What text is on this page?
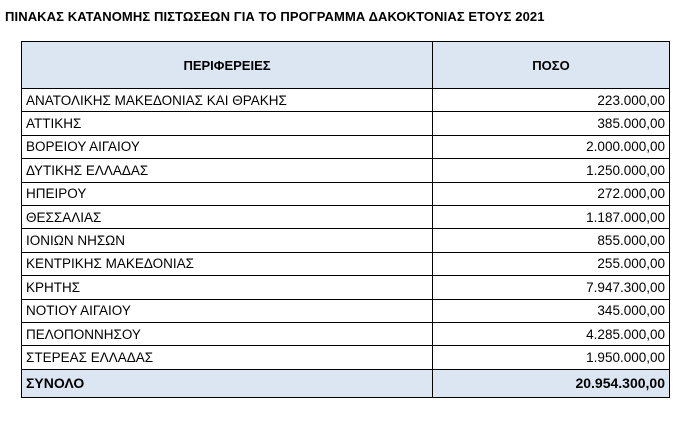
ΠΙΝΑΚΑΣ ΚΑΤΑΝΟΜΗΣ ΠΙΣΤΩΣΕΩΝ ΓΙΑ ΤΟ ΠΡΟΓΡΑΜΜΑ ΔΑΚΟΚΤΟΝΙΑΣ ΕΤΟΥΣ 2021
ΠΕΡΙΦΕΡΕΙΕΣ	ΠΟΣΟ
ΑΝΑΤΟΛΙΚΗΣ ΜΑΚΕΔΟΝΙΑΣ ΚΑΙ ΘΡΑΚΗΣ	223.000,00
ΑΤΤΙΚΗΣ	385.000,00
ΒΟΡΕΙΟΥ ΑΙΓΑΙΟΥ	2.000.000,00
ΔΥΤΙΚΗΣ ΕΛΛΑΔΑΣ	1.250.000,00
ΗΠΕΙΡΟΥ	272.000,00
ΘΕΣΣΑΛΙΑΣ	1.187.000,00
ΙΟΝΙΩΝ ΝΗΣΩΝ	855.000,00
ΚΕΝΤΡΙΚΗΣ ΜΑΚΕΔΟΝΙΑΣ	255.000,00
ΚΡΗΤΗΣ	7.947.300,00
ΝΟΤΙΟΥ ΑΙΓΑΙΟΥ	345.000,00
ΠΕΛΟΠΟΝΝΗΣΟΥ	4.285.000,00
ΣΤΕΡΕΑΣ ΕΛΛΑΔΑΣ	1.950.000,00
ΣΥΝΟΛΟ	20.954.300,00
